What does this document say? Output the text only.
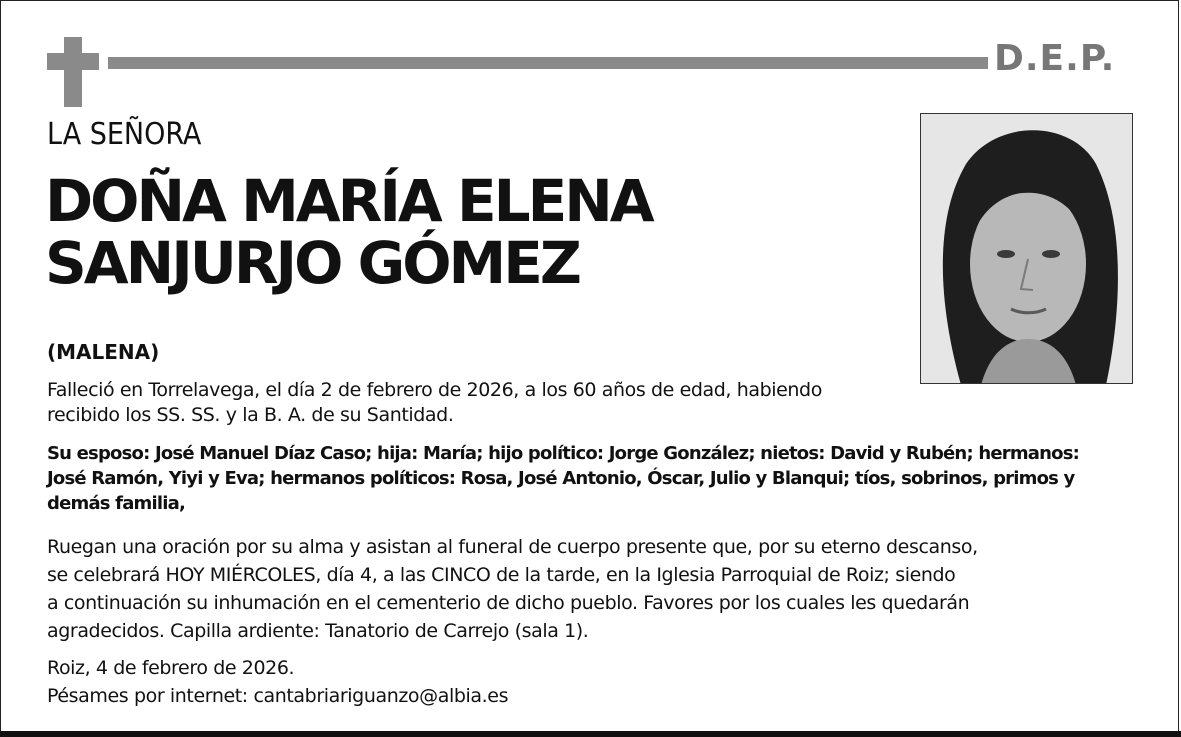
D.E.P.
LA SEÑORA
DOÑA MARÍA ELENA
SANJURJO GÓMEZ
(MALENA)
Falleció en Torrelavega, el día 2 de febrero de 2026, a los 60 años de edad, habiendo
recibido los SS. SS. y la B. A. de su Santidad.
Su esposo: José Manuel Díaz Caso; hija: María; hijo político: Jorge González; nietos: David y Rubén; hermanos:
José Ramón, Yiyi y Eva; hermanos políticos: Rosa, José Antonio, Óscar, Julio y Blanqui; tíos, sobrinos, primos y
demás familia,
Ruegan una oración por su alma y asistan al funeral de cuerpo presente que, por su eterno descanso,
se celebrará HOY MIÉRCOLES, día 4, a las CINCO de la tarde, en la Iglesia Parroquial de Roiz; siendo
a continuación su inhumación en el cementerio de dicho pueblo. Favores por los cuales les quedarán
agradecidos. Capilla ardiente: Tanatorio de Carrejo (sala 1).
Roiz, 4 de febrero de 2026.
Pésames por internet: cantabriariguanzo@albia.es
